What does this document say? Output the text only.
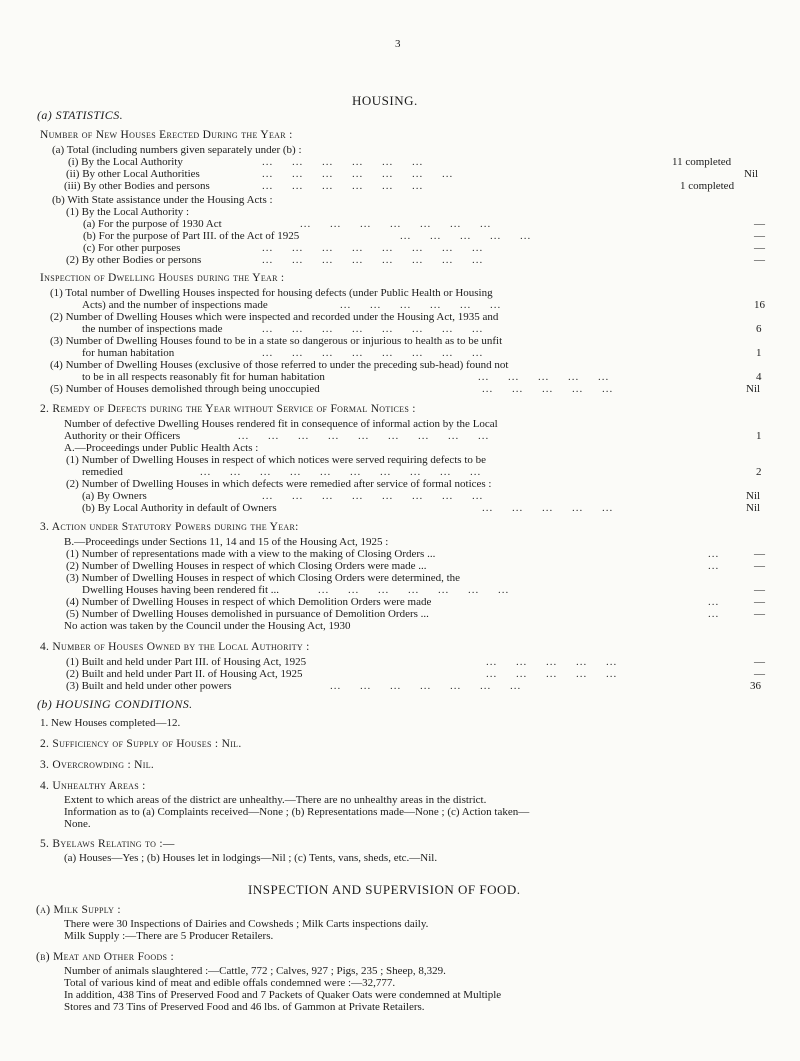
3
HOUSING.
(a) STATISTICS.
Number of New Houses Erected During the Year :
(a) Total (including numbers given separately under (b) :
(i) By the Local Authority	...     ...     ...     ...     ...     ...	11 completed
(ii) By other Local Authorities	...     ...     ...     ...     ...     ...     ...	Nil
(iii) By other Bodies and persons	...     ...     ...     ...     ...     ...	1 completed
(b) With State assistance under the Housing Acts :
(1) By the Local Authority :
(a) For the purpose of 1930 Act	...     ...     ...     ...     ...     ...     ...	—
(b) For the purpose of Part III. of the Act of 1925	...     ...     ...     ...     ...	—
(c) For other purposes	...     ...     ...     ...     ...     ...     ...     ...	—
(2) By other Bodies or persons	...     ...     ...     ...     ...     ...     ...     ...	—
Inspection of Dwelling Houses during the Year :
(1) Total number of Dwelling Houses inspected for housing defects (under Public Health or Housing
Acts) and the number of inspections made	...     ...     ...     ...     ...     ...	16
(2) Number of Dwelling Houses which were inspected and recorded under the Housing Act, 1935 and
the number of inspections made	...     ...     ...     ...     ...     ...     ...     ...	6
(3) Number of Dwelling Houses found to be in a state so dangerous or injurious to health as to be unfit
for human habitation	...     ...     ...     ...     ...     ...     ...     ...	1
(4) Number of Dwelling Houses (exclusive of those referred to under the preceding sub-head) found not
to be in all respects reasonably fit for human habitation	...     ...     ...     ...     ...	4
(5) Number of Houses demolished through being unoccupied	...     ...     ...     ...     ...	Nil
2. Remedy of Defects during the Year without Service of Formal Notices :
Number of defective Dwelling Houses rendered fit in consequence of informal action by the Local
Authority or their Officers	...     ...     ...     ...     ...     ...     ...     ...     ...	1
A.—Proceedings under Public Health Acts :
(1) Number of Dwelling Houses in respect of which notices were served requiring defects to be
remedied	...     ...     ...     ...     ...     ...     ...     ...     ...     ...	2
(2) Number of Dwelling Houses in which defects were remedied after service of formal notices :
(a) By Owners	...     ...     ...     ...     ...     ...     ...     ...	Nil
(b) By Local Authority in default of Owners	...     ...     ...     ...     ...	Nil
3. Action under Statutory Powers during the Year:
B.—Proceedings under Sections 11, 14 and 15 of the Housing Act, 1925 :
(1) Number of representations made with a view to the making of Closing Orders ...	...	—
(2) Number of Dwelling Houses in respect of which Closing Orders were made ...	...	—
(3) Number of Dwelling Houses in respect of which Closing Orders were determined, the
Dwelling Houses having been rendered fit ...	...     ...     ...     ...     ...     ...     ...	—
(4) Number of Dwelling Houses in respect of which Demolition Orders were made	...	—
(5) Number of Dwelling Houses demolished in pursuance of Demolition Orders ...	...	—
No action was taken by the Council under the Housing Act, 1930
4. Number of Houses Owned by the Local Authority :
(1) Built and held under Part III. of Housing Act, 1925	...     ...     ...     ...     ...	—
(2) Built and held under Part II. of Housing Act, 1925	...     ...     ...     ...     ...	—
(3) Built and held under other powers	...     ...     ...     ...     ...     ...     ...	36
(b) HOUSING CONDITIONS.
1. New Houses completed—12.
2. Sufficiency of Supply of Houses : Nil.
3. Overcrowding : Nil.
4. Unhealthy Areas :
Extent to which areas of the district are unhealthy.—There are no unhealthy areas in the district.
Information as to (a) Complaints received—None ; (b) Representations made—None ; (c) Action taken—
None.
5. Byelaws Relating to :—
(a) Houses—Yes ; (b) Houses let in lodgings—Nil ; (c) Tents, vans, sheds, etc.—Nil.
INSPECTION AND SUPERVISION OF FOOD.
(a) Milk Supply :
There were 30 Inspections of Dairies and Cowsheds ; Milk Carts inspections daily.
Milk Supply :—There are 5 Producer Retailers.
(b) Meat and Other Foods :
Number of animals slaughtered :—Cattle, 772 ; Calves, 927 ; Pigs, 235 ; Sheep, 8,329.
Total of various kind of meat and edible offals condemned were :—32,777.
In addition, 438 Tins of Preserved Food and 7 Packets of Quaker Oats were condemned at Multiple
Stores and 73 Tins of Preserved Food and 46 lbs. of Gammon at Private Retailers.
